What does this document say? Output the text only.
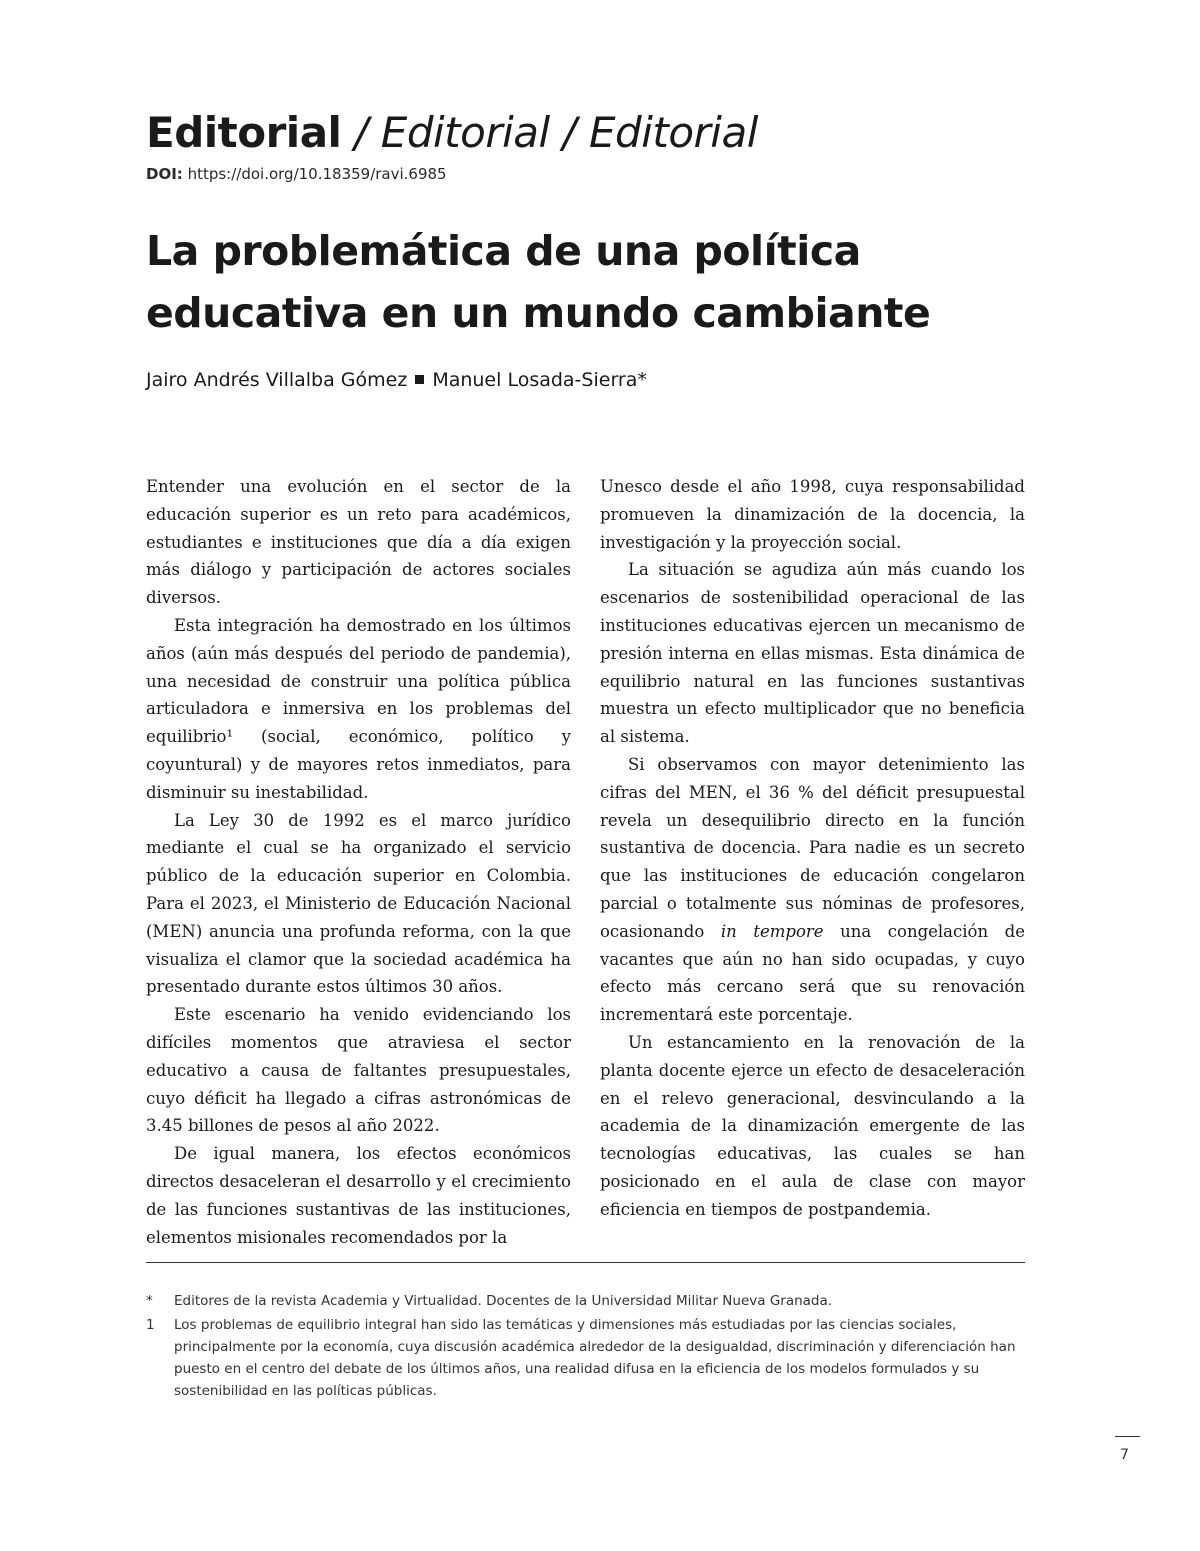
Editorial / Editorial / Editorial
DOI: https://doi.org/10.18359/ravi.6985
La problemática de una política educativa en un mundo cambiante
Jairo Andrés Villalba Gómez Manuel Losada-Sierra*

Entender una evolución en el sector de la educación superior es un reto para académicos, estudiantes e instituciones que día a día exigen más diálogo y participación de actores sociales diversos.

Esta integración ha demostrado en los últimos años (aún más después del periodo de pandemia), una necesidad de construir una política pública articuladora e inmersiva en los problemas del equilibrio¹ (social, económico, político y coyuntural) y de mayores retos inmediatos, para disminuir su inestabilidad.

La Ley 30 de 1992 es el marco jurídico mediante el cual se ha organizado el servicio público de la educación superior en Colombia. Para el 2023, el Ministerio de Educación Nacional (MEN) anuncia una profunda reforma, con la que visualiza el clamor que la sociedad académica ha presentado durante estos últimos 30 años.

Este escenario ha venido evidenciando los difíciles momentos que atraviesa el sector educativo a causa de faltantes presupuestales, cuyo déficit ha llegado a cifras astronómicas de 3.45 billones de pesos al año 2022.

De igual manera, los efectos económicos directos desaceleran el desarrollo y el crecimiento de las funciones sustantivas de las instituciones, elementos misionales recomendados por la

Unesco desde el año 1998, cuya responsabilidad promueven la dinamización de la docencia, la investigación y la proyección social.

La situación se agudiza aún más cuando los escenarios de sostenibilidad operacional de las instituciones educativas ejercen un mecanismo de presión interna en ellas mismas. Esta dinámica de equilibrio natural en las funciones sustantivas muestra un efecto multiplicador que no beneficia al sistema.

Si observamos con mayor detenimiento las cifras del MEN, el 36 % del déficit presupuestal revela un desequilibrio directo en la función sustantiva de docencia. Para nadie es un secreto que las instituciones de educación congelaron parcial o totalmente sus nóminas de profesores, ocasionando in tempore una congelación de vacantes que aún no han sido ocupadas, y cuyo efecto más cercano será que su renovación incrementará este porcentaje.

Un estancamiento en la renovación de la planta docente ejerce un efecto de desaceleración en el relevo generacional, desvinculando a la academia de la dinamización emergente de las tecnologías educativas, las cuales se han posicionado en el aula de clase con mayor eficiencia en tiempos de postpandemia.

*	Editores de la revista Academia y Virtualidad. Docentes de la Universidad Militar Nueva Granada.
1	Los problemas de equilibrio integral han sido las temáticas y dimensiones más estudiadas por las ciencias sociales, principalmente por la economía, cuya discusión académica alrededor de la desigualdad, discriminación y diferenciación han puesto en el centro del debate de los últimos años, una realidad difusa en la eficiencia de los modelos formulados y su sostenibilidad en las políticas públicas.
7
